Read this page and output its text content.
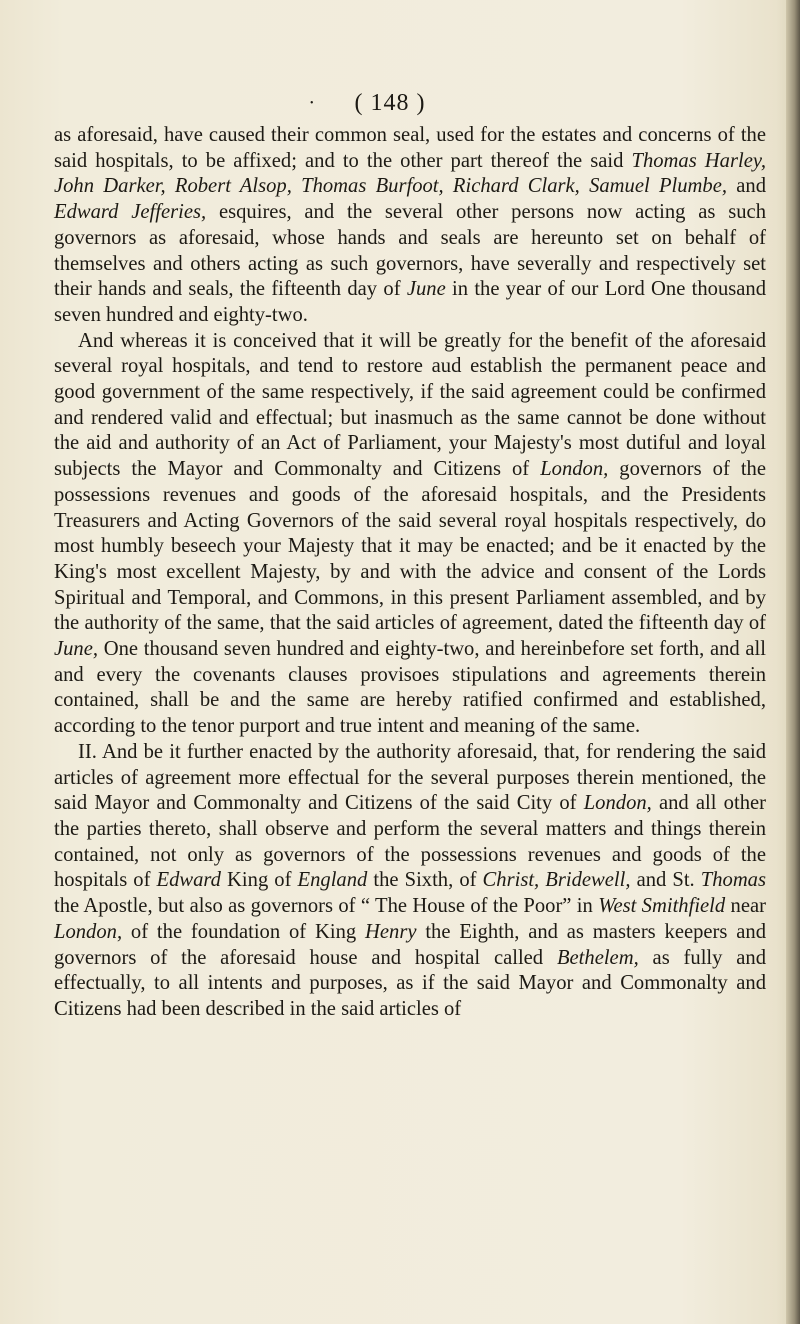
• ( 148 )

as aforesaid, have caused their common seal, used for the estates and concerns of the said hospitals, to be affixed; and to the other part thereof the said Thomas Harley, John Darker, Robert Alsop, Thomas Burfoot, Richard Clark, Samuel Plumbe, and Edward Jefferies, esquires, and the several other persons now acting as such governors as aforesaid, whose hands and seals are hereunto set on behalf of themselves and others acting as such governors, have severally and respectively set their hands and seals, the fifteenth day of June in the year of our Lord One thousand seven hundred and eighty-two.

And whereas it is conceived that it will be greatly for the benefit of the aforesaid several royal hospitals, and tend to restore aud establish the permanent peace and good government of the same respectively, if the said agreement could be confirmed and rendered valid and effectual; but inasmuch as the same cannot be done without the aid and authority of an Act of Parliament, your Majesty's most dutiful and loyal subjects the Mayor and Commonalty and Citizens of London, governors of the possessions revenues and goods of the aforesaid hospitals, and the Presidents Treasurers and Acting Governors of the said several royal hospitals respectively, do most humbly beseech your Majesty that it may be enacted; and be it enacted by the King's most excellent Majesty, by and with the advice and consent of the Lords Spiritual and Temporal, and Commons, in this present Parliament assembled, and by the authority of the same, that the said articles of agreement, dated the fifteenth day of June, One thousand seven hundred and eighty-two, and hereinbefore set forth, and all and every the covenants clauses provisoes stipulations and agreements therein contained, shall be and the same are hereby ratified confirmed and established, according to the tenor purport and true intent and meaning of the same.

II. And be it further enacted by the authority aforesaid, that, for rendering the said articles of agreement more effectual for the several purposes therein mentioned, the said Mayor and Commonalty and Citizens of the said City of London, and all other the parties thereto, shall observe and perform the several matters and things therein contained, not only as governors of the possessions revenues and goods of the hospitals of Edward King of England the Sixth, of Christ, Bridewell, and St. Thomas the Apostle, but also as governors of “ The House of the Poor” in West Smithfield near London, of the foundation of King Henry the Eighth, and as masters keepers and governors of the aforesaid house and hospital called Bethelem, as fully and effectually, to all intents and purposes, as if the said Mayor and Commonalty and Citizens had been described in the said articles of
